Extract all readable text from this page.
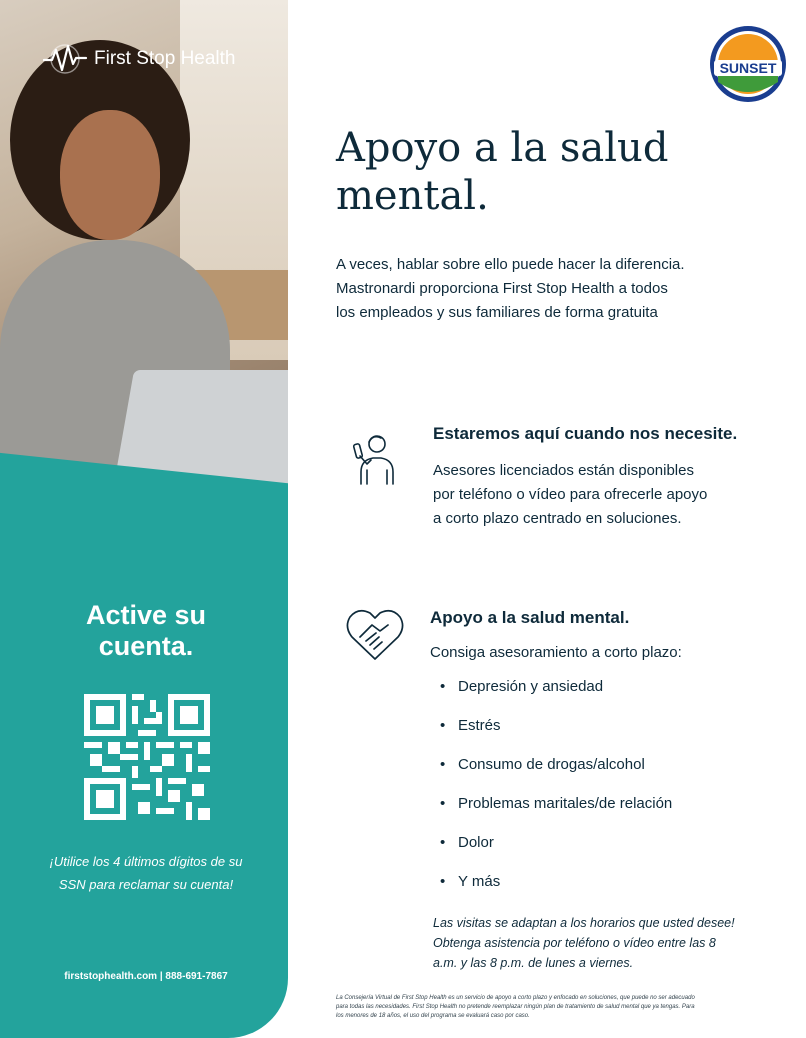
First Stop Health
Active su
cuenta.
¡Utilice los 4 últimos dígitos de su
SSN para reclamar su cuenta!
firststophealth.com | 888-691-7867
SUNSET
Apoyo a la salud
mental.
A veces, hablar sobre ello puede hacer la diferencia.
Mastronardi proporciona First Stop Health a todos
los empleados y sus familiares de forma gratuita
Estaremos aquí cuando nos necesite.
Asesores licenciados están disponibles
por teléfono o vídeo para ofrecerle apoyo
a corto plazo centrado en soluciones.
Apoyo a la salud mental.
Consiga asesoramiento a corto plazo:
• Depresión y ansiedad
• Estrés
• Consumo de drogas/alcohol
• Problemas maritales/de relación
• Dolor
• Y más
Las visitas se adaptan a los horarios que usted desee!
Obtenga asistencia por teléfono o vídeo entre las 8
a.m. y las 8 p.m. de lunes a viernes.
La Consejería Virtual de First Stop Health es un servicio de apoyo a corto plazo y enfocado en soluciones, que puede no ser adecuado
para todas las necesidades. First Stop Health no pretende reemplazar ningún plan de tratamiento de salud mental que ya tengas. Para
los menores de 18 años, el uso del programa se evaluará caso por caso.
